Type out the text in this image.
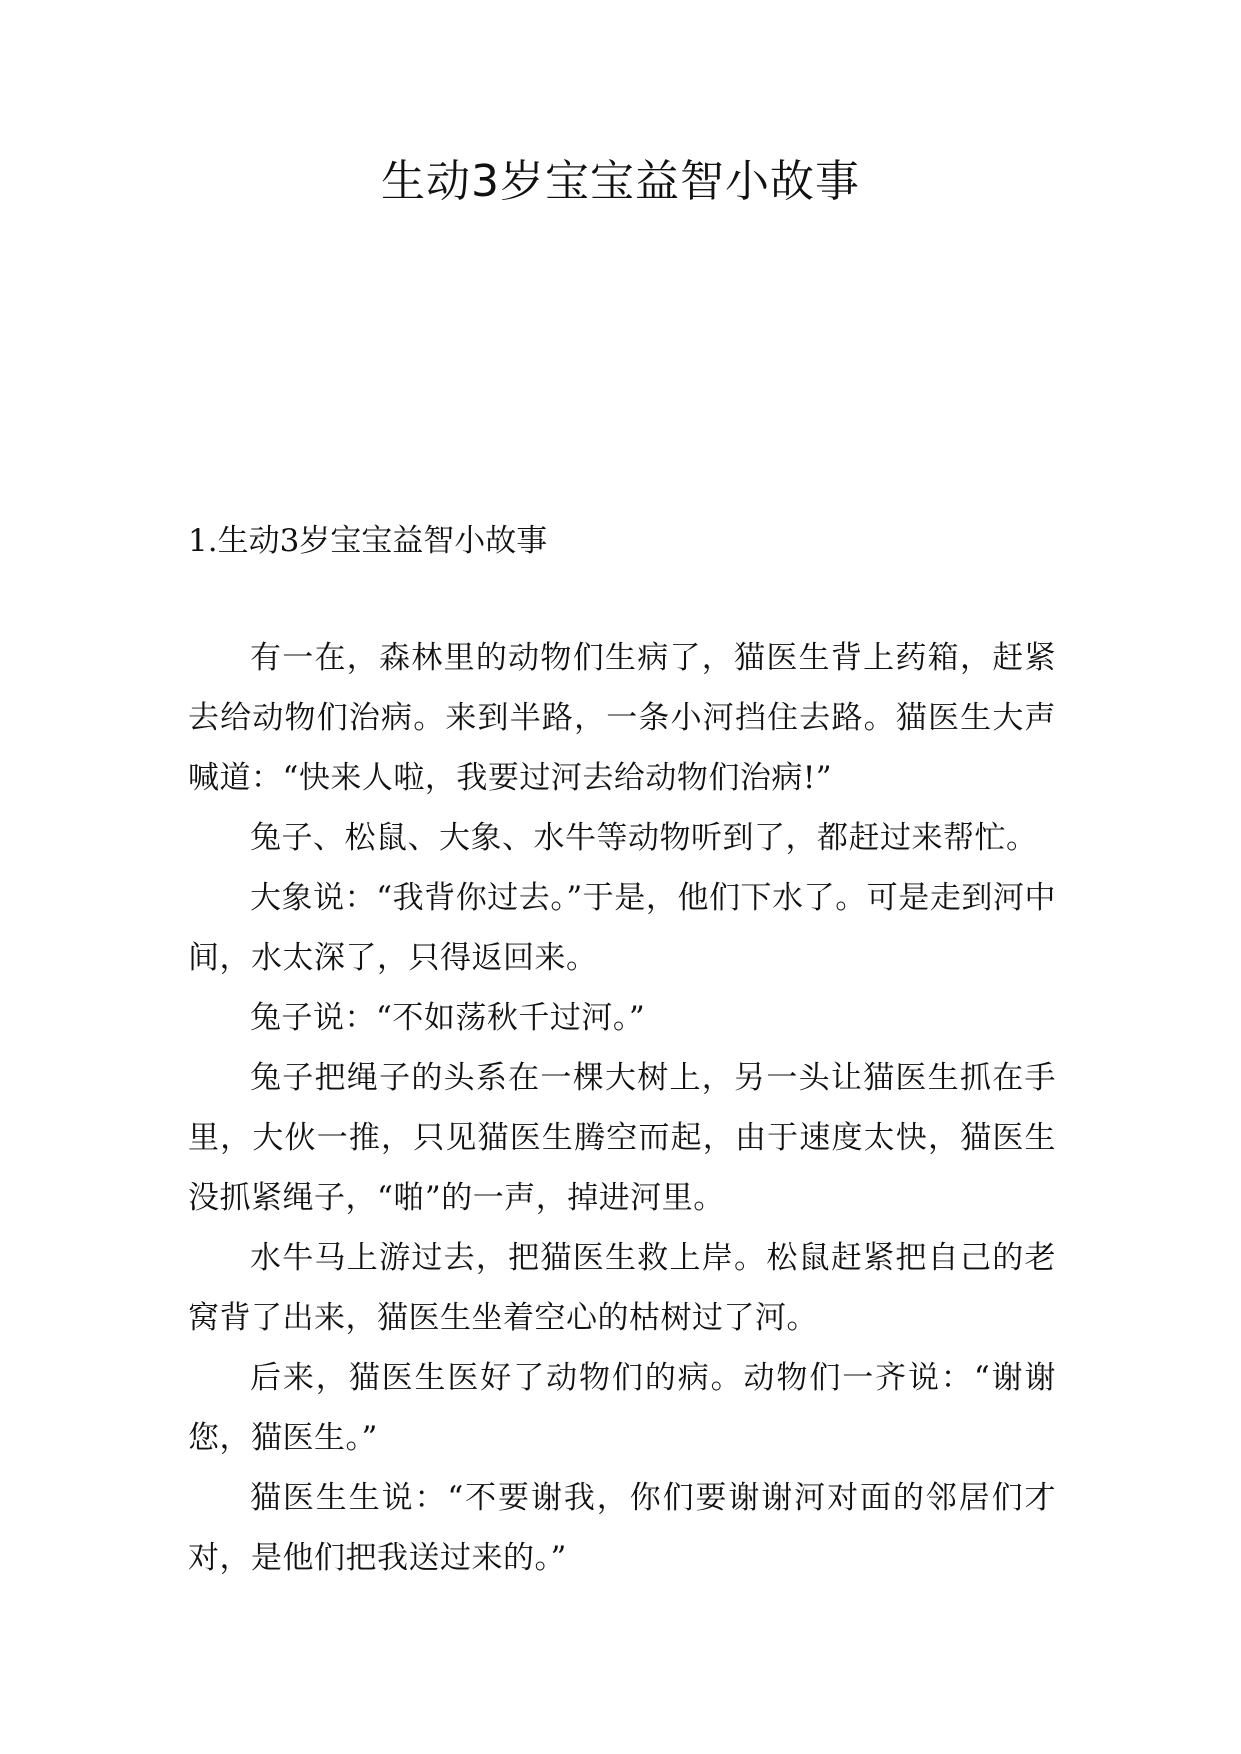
生动3岁宝宝益智小故事
1.生动3岁宝宝益智小故事

有一在，森林里的动物们生病了，猫医生背上药箱，赶紧去给动物们治病。来到半路，一条小河挡住去路。猫医生大声喊道：“快来人啦，我要过河去给动物们治病!”

兔子、松鼠、大象、水牛等动物听到了，都赶过来帮忙。

大象说：“我背你过去。”于是，他们下水了。可是走到河中间，水太深了，只得返回来。

兔子说：“不如荡秋千过河。”

兔子把绳子的头系在一棵大树上，另一头让猫医生抓在手里，大伙一推，只见猫医生腾空而起，由于速度太快，猫医生没抓紧绳子，“啪”的一声，掉进河里。

水牛马上游过去，把猫医生救上岸。松鼠赶紧把自己的老窝背了出来，猫医生坐着空心的枯树过了河。

后来，猫医生医好了动物们的病。动物们一齐说：“谢谢您，猫医生。”

猫医生生说：“不要谢我，你们要谢谢河对面的邻居们才对，是他们把我送过来的。”
